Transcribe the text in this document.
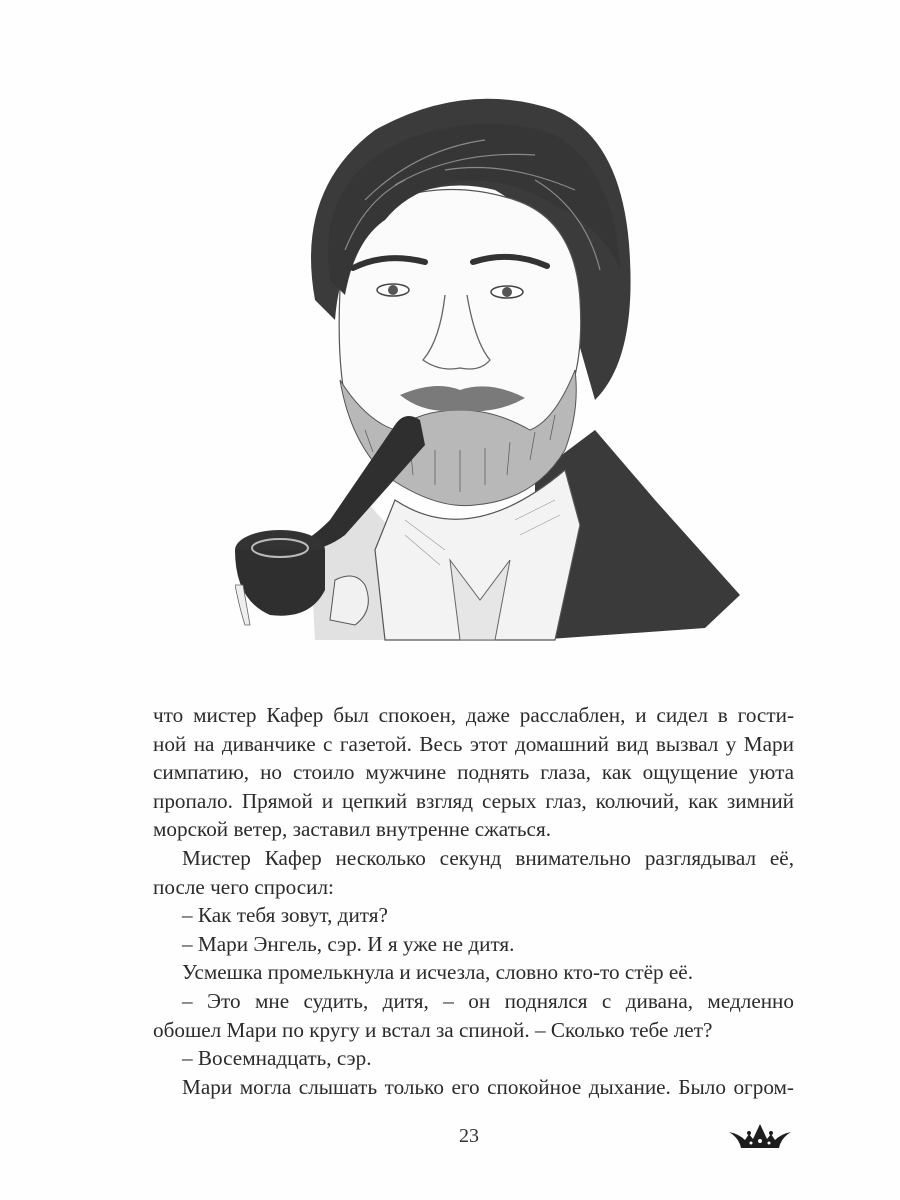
что мистер Кафер был спокоен, даже расслаблен, и сидел в гости-
ной на диванчике с газетой. Весь этот домашний вид вызвал у Мари
симпатию, но стоило мужчине поднять глаза, как ощущение уюта
пропало. Прямой и цепкий взгляд серых глаз, колючий, как зимний
морской ветер, заставил внутренне сжаться.
Мистер Кафер несколько секунд внимательно разглядывал её,
после чего спросил:
– Как тебя зовут, дитя?
– Мари Энгель, сэр. И я уже не дитя.
Усмешка промелькнула и исчезла, словно кто-то стёр её.
– Это мне судить, дитя, – он поднялся с дивана, медленно
обошел Мари по кругу и встал за спиной. – Сколько тебе лет?
– Восемнадцать, сэр.
Мари могла слышать только его спокойное дыхание. Было огром-
23
